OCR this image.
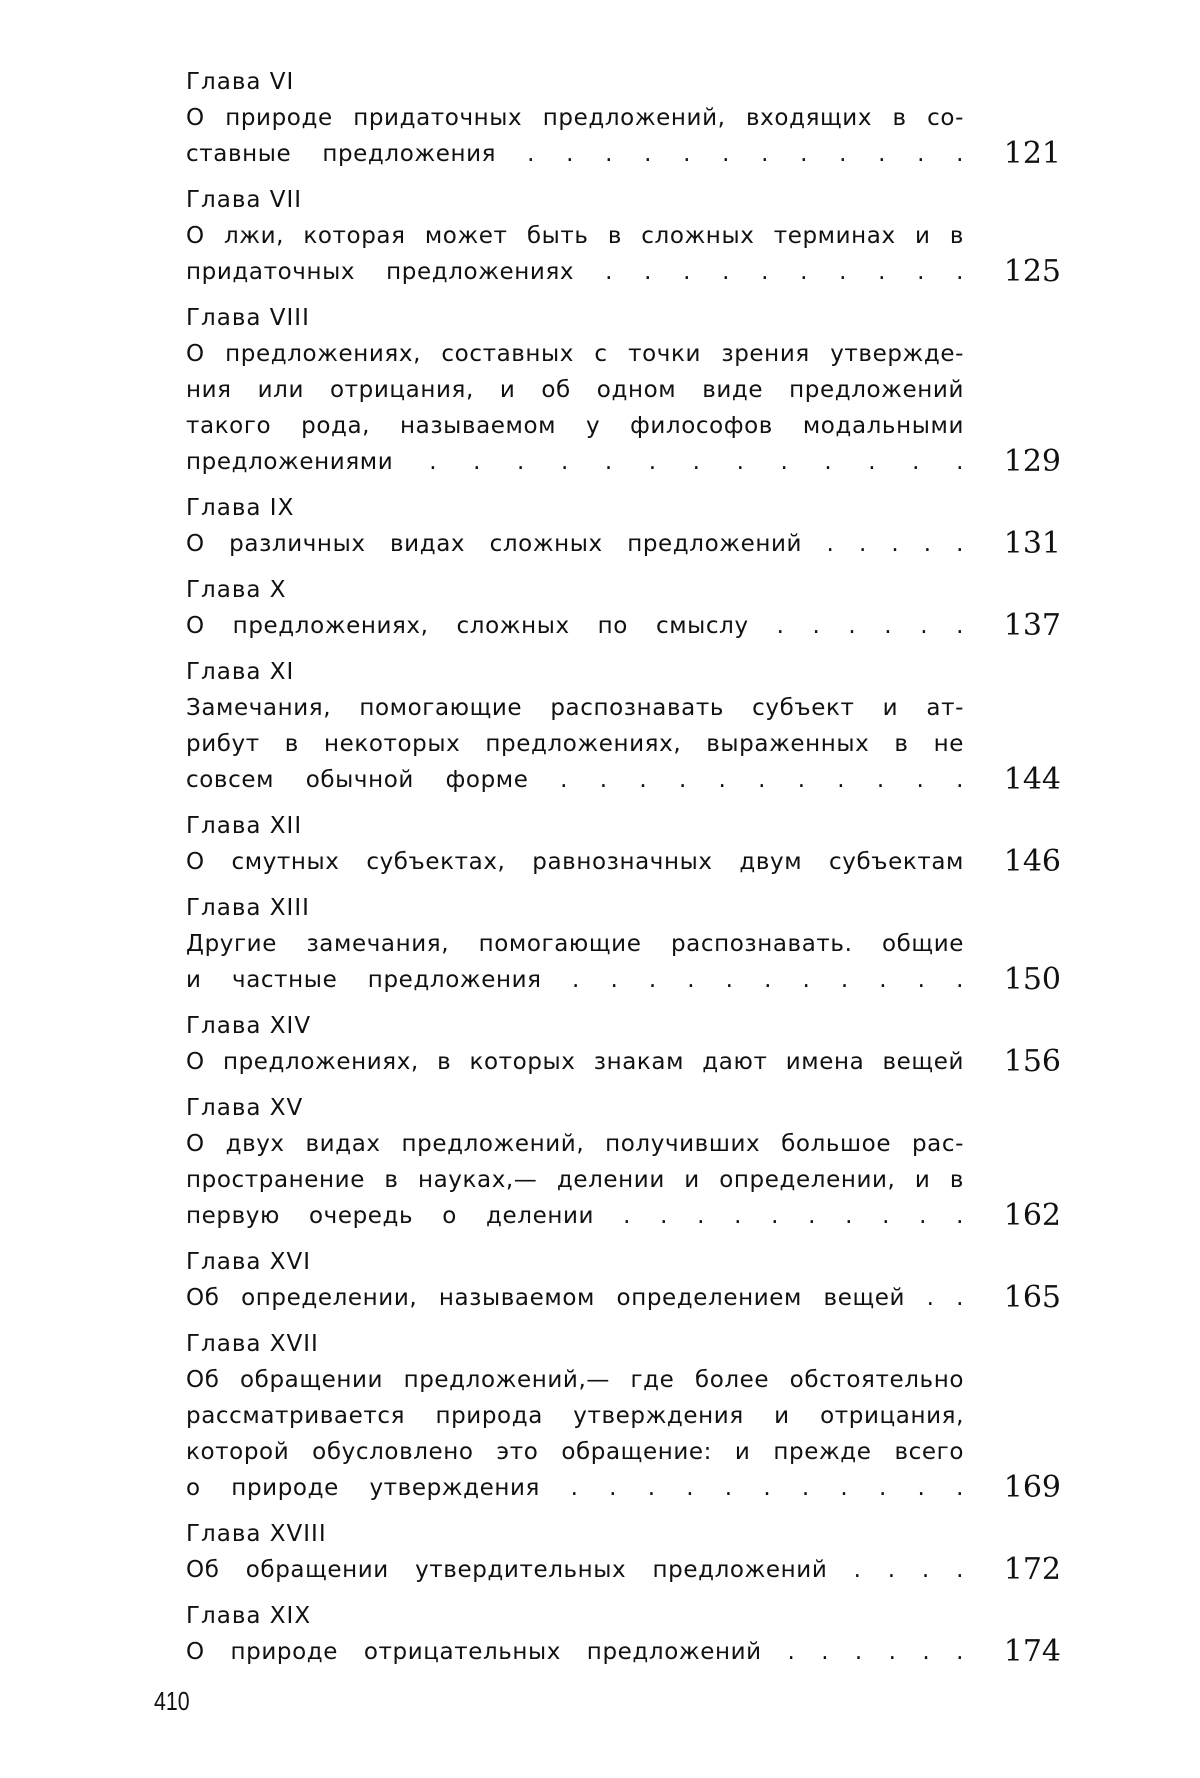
Глава VI
О природе придаточных предложений, входящих в со-
ставные предложения . . . . . . . . . . . .	121
Глава VII
О лжи, которая может быть в сложных терминах и в
придаточных предложениях . . . . . . . . . .	125
Глава VIII
О предложениях, составных с точки зрения утвержде-
ния или отрицания, и об одном виде предложений
такого рода, называемом у философов модальными
предложениями . . . . . . . . . . . . .	129
Глава IX
О различных видах сложных предложений . . . . .	131
Глава X
О предложениях, сложных по смыслу . . . . . .	137
Глава XI
Замечания, помогающие распознавать субъект и ат-
рибут в некоторых предложениях, выраженных в не
совсем обычной форме . . . . . . . . . . .	144
Глава XII
О смутных субъектах, равнозначных двум субъектам	146
Глава XIII
Другие замечания, помогающие распознавать. общие
и частные предложения . . . . . . . . . . .	150
Глава XIV
О предложениях, в которых знакам дают имена вещей	156
Глава XV
О двух видах предложений, получивших большое рас-
пространение в науках,— делении и определении, и в
первую очередь о делении . . . . . . . . . .	162
Глава XVI
Об определении, называемом определением вещей . .	165
Глава XVII
Об обращении предложений,— где более обстоятельно
рассматривается природа утверждения и отрицания,
которой обусловлено это обращение: и прежде всего
о природе утверждения . . . . . . . . . . .	169
Глава XVIII
Об обращении утвердительных предложений . . . .	172
Глава XIX
О природе отрицательных предложений . . . . . .	174
410
